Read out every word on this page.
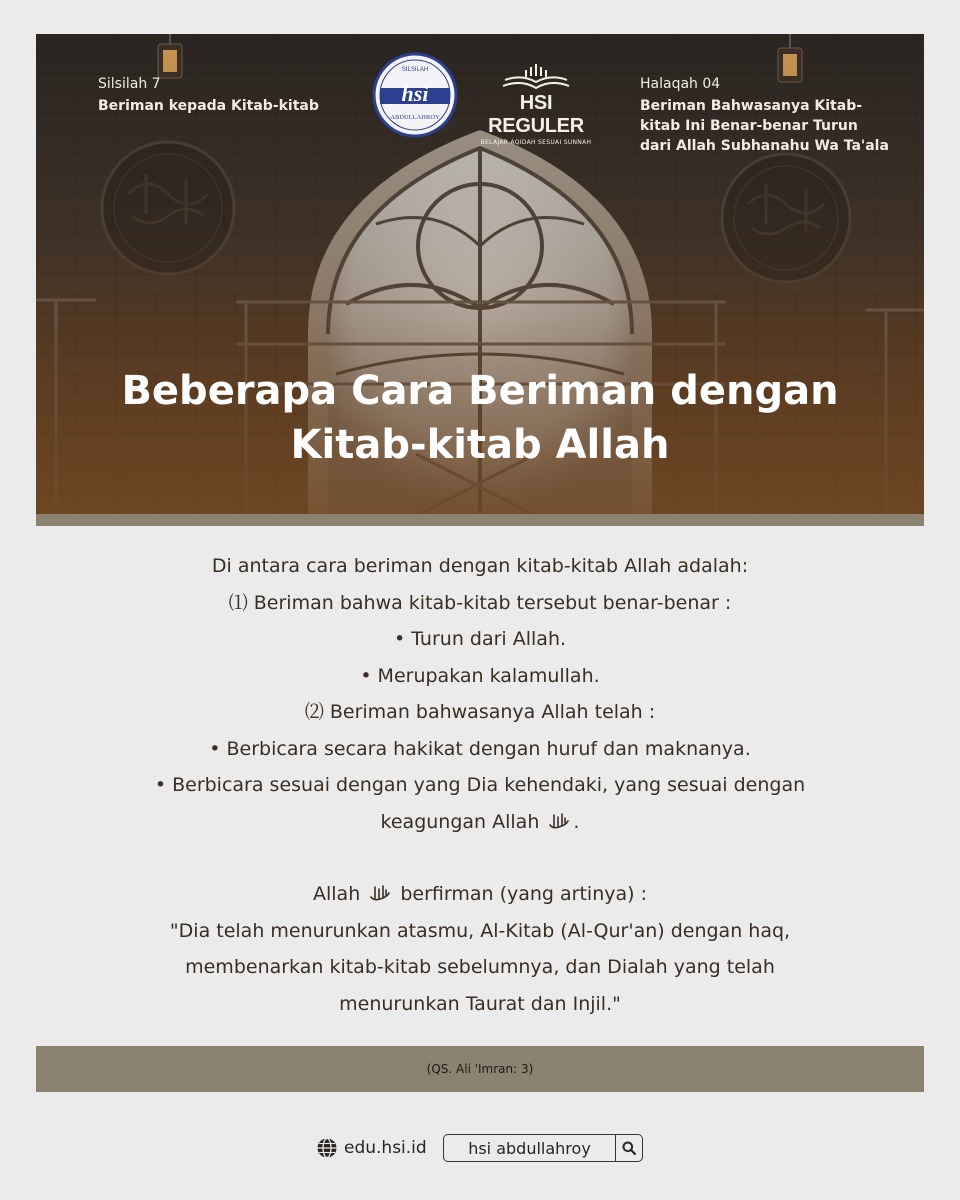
Silsilah 7

Beriman kepada Kitab-kitab

SILSILAH
hsi
ABDULLAHROY
HSI REGULER
BELAJAR AQIDAH SESUAI SUNNAH

Halaqah 04

Beriman Bahwasanya Kitab-
kitab Ini Benar-benar Turun
dari Allah Subhanahu Wa Ta'ala

Beberapa Cara Beriman dengan
Kitab-kitab Allah

Di antara cara beriman dengan kitab-kitab Allah adalah:

⑴ Beriman bahwa kitab-kitab tersebut benar-benar :

• Turun dari Allah.

• Merupakan kalamullah.

⑵ Beriman bahwasanya Allah telah :

• Berbicara secara hakikat dengan huruf dan maknanya.

• Berbicara sesuai dengan yang Dia kehendaki, yang sesuai dengan

keagungan Allah .

Allah berfirman (yang artinya) :

"Dia telah menurunkan atasmu, Al-Kitab (Al-Qur'an) dengan haq,

membenarkan kitab-kitab sebelumnya, dan Dialah yang telah

menurunkan Taurat dan Injil."

(QS. Ali 'Imran: 3)
edu.hsi.id	hsi abdullahroy
